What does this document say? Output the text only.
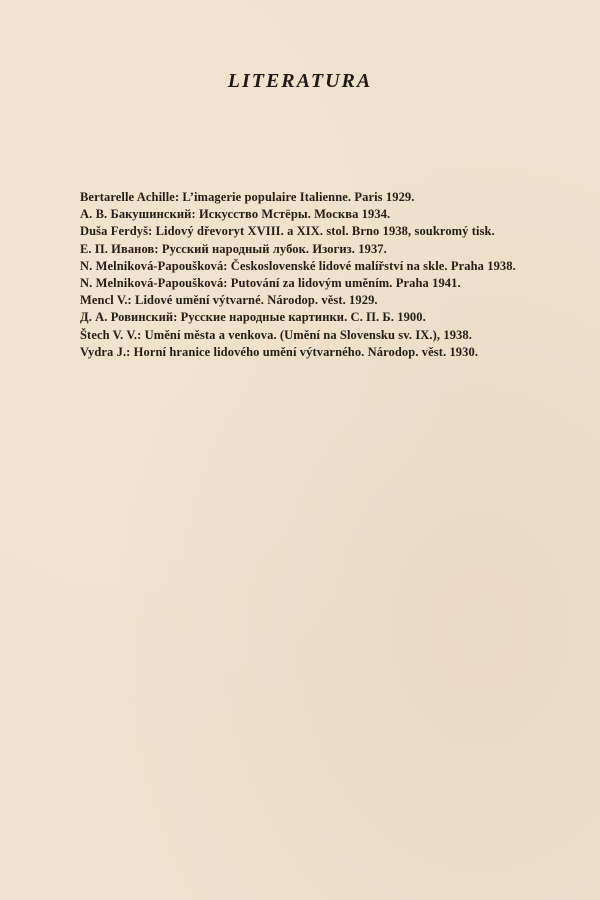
LITERATURA
Bertarelle Achille: L’imagerie populaire Italienne. Paris 1929.
А. В. Бакушинский: Искусство Мстёры. Москва 1934.
Duša Ferdyš: Lidový dřevoryt XVIII. a XIX. stol. Brno 1938, soukromý tisk.
Е. П. Иванов: Русский народный лубок. Изогиз. 1937.
N. Melniková-Papoušková: Československé lidové malířství na skle. Praha 1938.
N. Melniková-Papoušková: Putování za lidovým uměním. Praha 1941.
Mencl V.: Lidové umění výtvarné. Národop. věst. 1929.
Д. А. Ровинский: Русские народные картинки. С. П. Б. 1900.
Štech V. V.: Umění města a venkova. (Umění na Slovensku sv. IX.), 1938.
Vydra J.: Horní hranice lidového umění výtvarného. Národop. věst. 1930.
